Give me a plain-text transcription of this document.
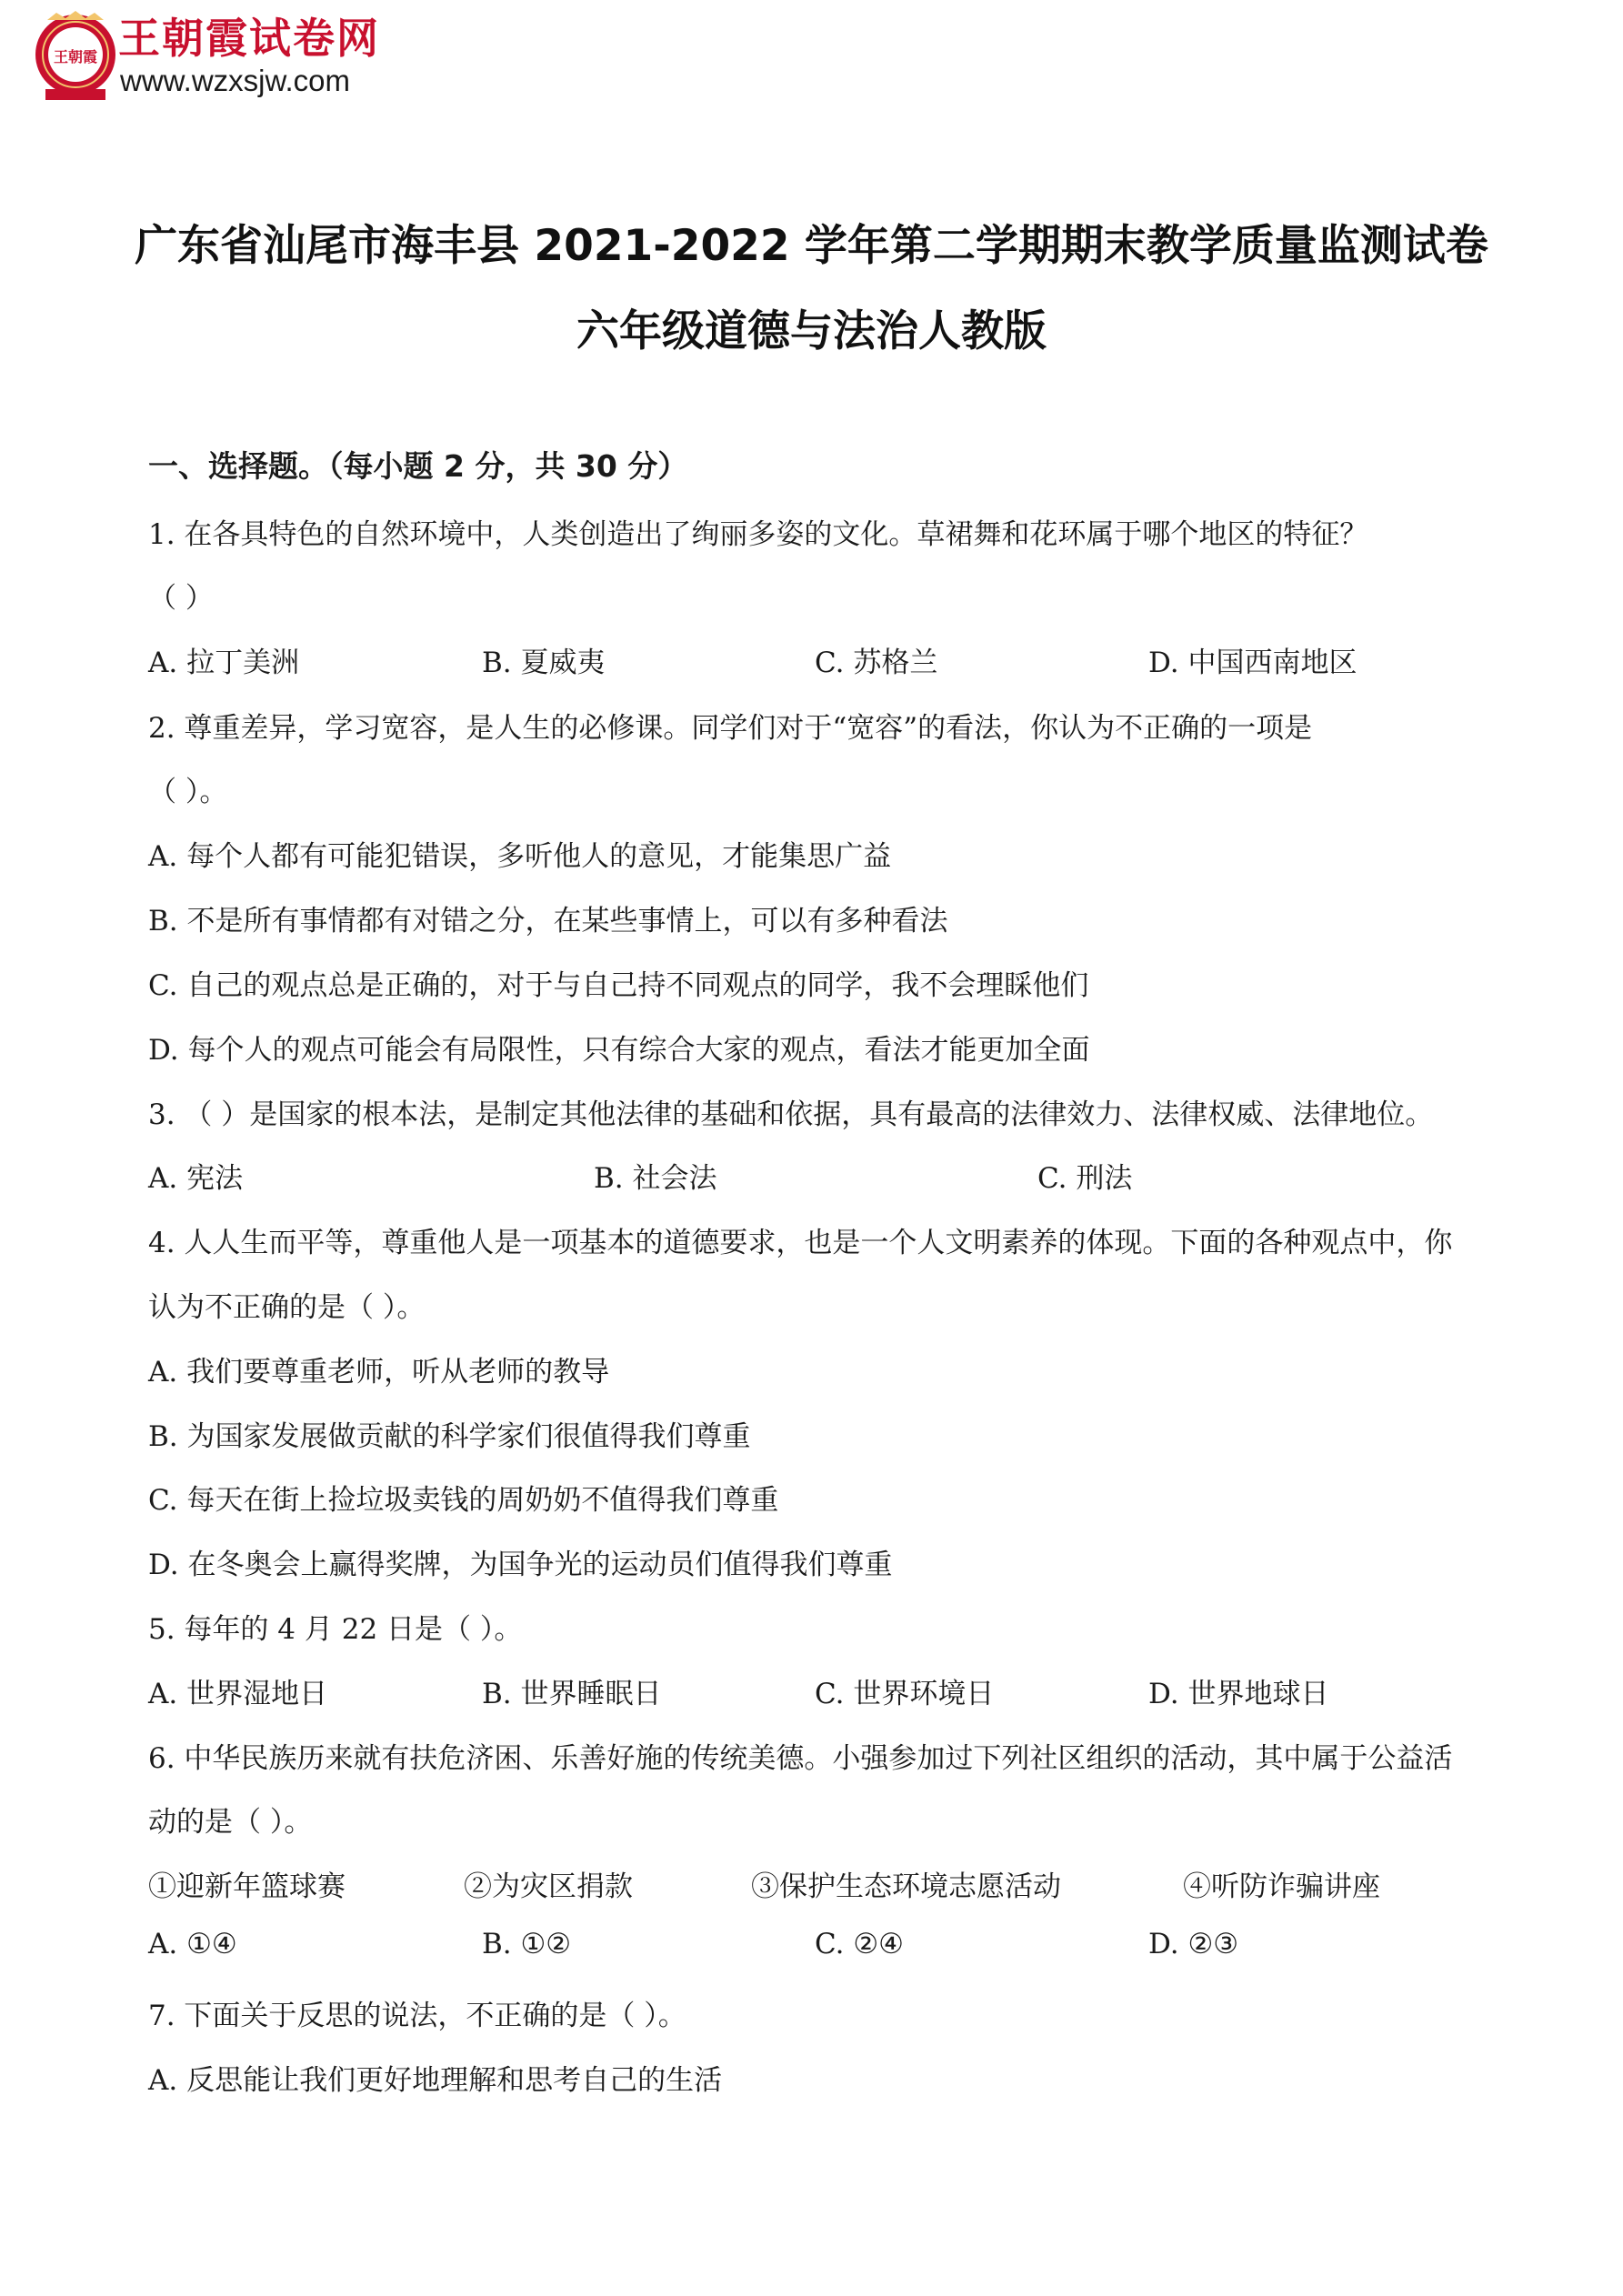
王朝霞 王朝霞试卷网
www.wzxsjw.com
广东省汕尾市海丰县 2021-2022 学年第二学期期末教学质量监测试卷
六年级道德与法治人教版
一、选择题。（每小题 2 分，共 30 分）
1. 在各具特色的自然环境中，人类创造出了绚丽多姿的文化。草裙舞和花环属于哪个地区的特征？
（ ）
A. 拉丁美洲	B. 夏威夷	C. 苏格兰	D. 中国西南地区
2. 尊重差异，学习宽容，是人生的必修课。同学们对于“宽容”的看法，你认为不正确的一项是
（ ）。
A. 每个人都有可能犯错误，多听他人的意见，才能集思广益
B. 不是所有事情都有对错之分，在某些事情上，可以有多种看法
C. 自己的观点总是正确的，对于与自己持不同观点的同学，我不会理睬他们
D. 每个人的观点可能会有局限性，只有综合大家的观点，看法才能更加全面
3. （ ）是国家的根本法，是制定其他法律的基础和依据，具有最高的法律效力、法律权威、法律地位。
A. 宪法	B. 社会法	C. 刑法
4. 人人生而平等，尊重他人是一项基本的道德要求，也是一个人文明素养的体现。下面的各种观点中，你
认为不正确的是（ ）。
A. 我们要尊重老师，听从老师的教导
B. 为国家发展做贡献的科学家们很值得我们尊重
C. 每天在街上捡垃圾卖钱的周奶奶不值得我们尊重
D. 在冬奥会上赢得奖牌，为国争光的运动员们值得我们尊重
5. 每年的 4 月 22 日是（ ）。
A. 世界湿地日	B. 世界睡眠日	C. 世界环境日	D. 世界地球日
6. 中华民族历来就有扶危济困、乐善好施的传统美德。小强参加过下列社区组织的活动，其中属于公益活
动的是（ ）。
①迎新年篮球赛	②为灾区捐款	③保护生态环境志愿活动	④听防诈骗讲座
A. ①④	B. ①②	C. ②④	D. ②③
7. 下面关于反思的说法，不正确的是（ ）。
A. 反思能让我们更好地理解和思考自己的生活
